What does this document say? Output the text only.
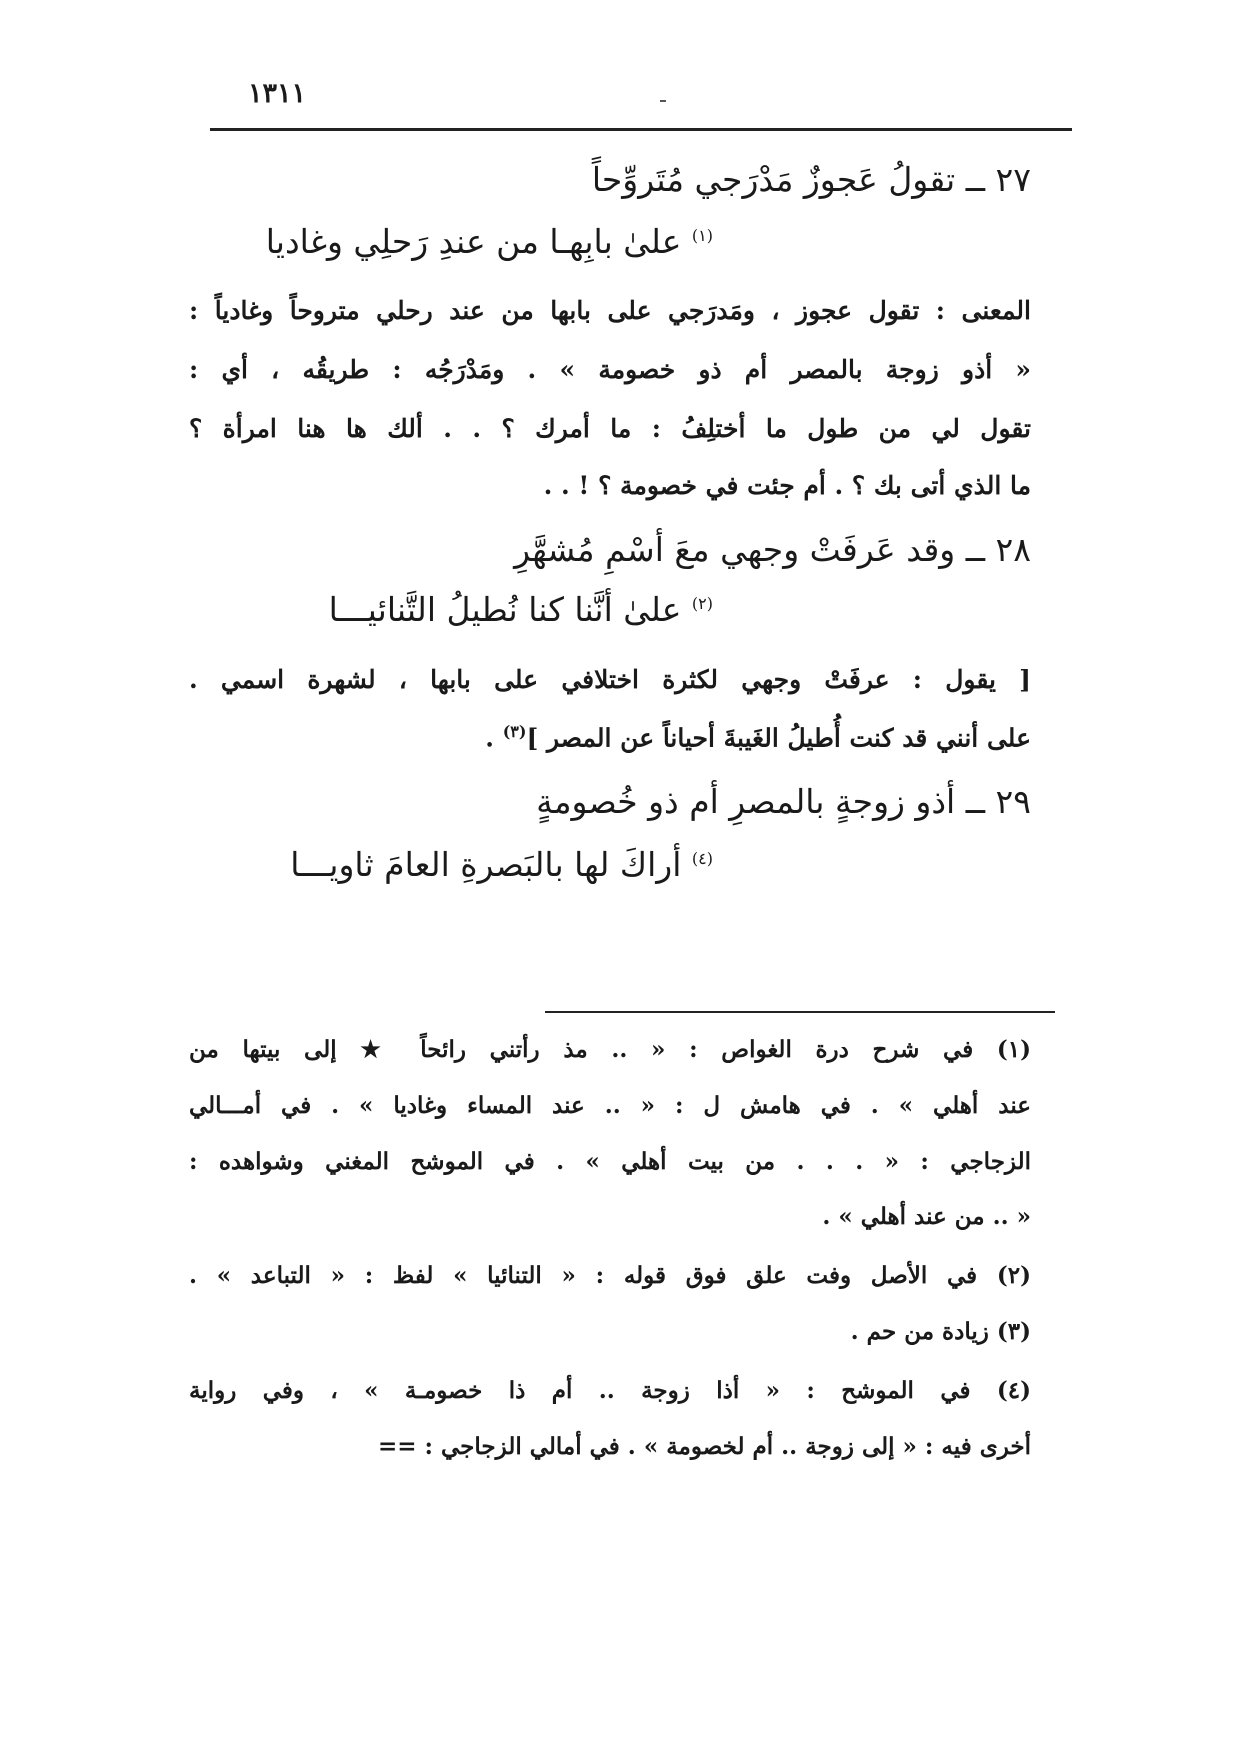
١٣١١
٢٧ ــ تقولُ عَجوزٌ مَدْرَجي مُتَروِّحاً
$^{(١)}$ علىٰ بابِهـا من عندِ رَحلِي وغاديا
المعنى : تقول عجوز ، ومَدرَجي على بابها من عند رحلي متروحاً وغادياً :
« أذو زوجة بالمصر أم ذو خصومة » . ومَدْرَجُه : طريقُه ، أي :
تقول لي من طول ما أختلِفُ : ما أمرك ؟ . . ألك ها هنا امرأة ؟
ما الذي أتى بك ؟ . أم جئت في خصومة ؟ ! . .
٢٨ ــ وقد عَرفَتْ وجهي معَ أسْمِ مُشهَّرِ
$^{(٢)}$ علىٰ أنَّنا كنا نُطيلُ التَّنائيـــا
[ يقول : عرفَتْ وجهي لكثرة اختلافي على بابها ، لشهرة اسمي .
على أنني قد كنت أُطيلُ الغَيبةَ أحياناً عن المصر ]$^{(٣)}$ .
٢٩ ــ أذو زوجةٍ بالمصرِ أم ذو خُصومةٍ
$^{(٤)}$ أراكَ لها بالبَصرةِ العامَ ثاويـــا
(١) في شرح درة الغواص : « .. مذ رأتني رائحاً ★ إلى بيتها من
عند أهلي » . في هامش ل : « .. عند المساء وغاديا » . في أمـــالي
الزجاجي : « . . . من بيت أهلي » . في الموشح المغني وشواهده :
« .. من عند أهلي » .
(٢) في الأصل وفت علق فوق قوله : « التنائيا » لفظ : « التباعد » .
(٣) زيادة من حم .
(٤) في الموشح : « أذا زوجة .. أم ذا خصومـة » ، وفي رواية
أخرى فيه : « إلى زوجة .. أم لخصومة » . في أمالي الزجاجي : ==
